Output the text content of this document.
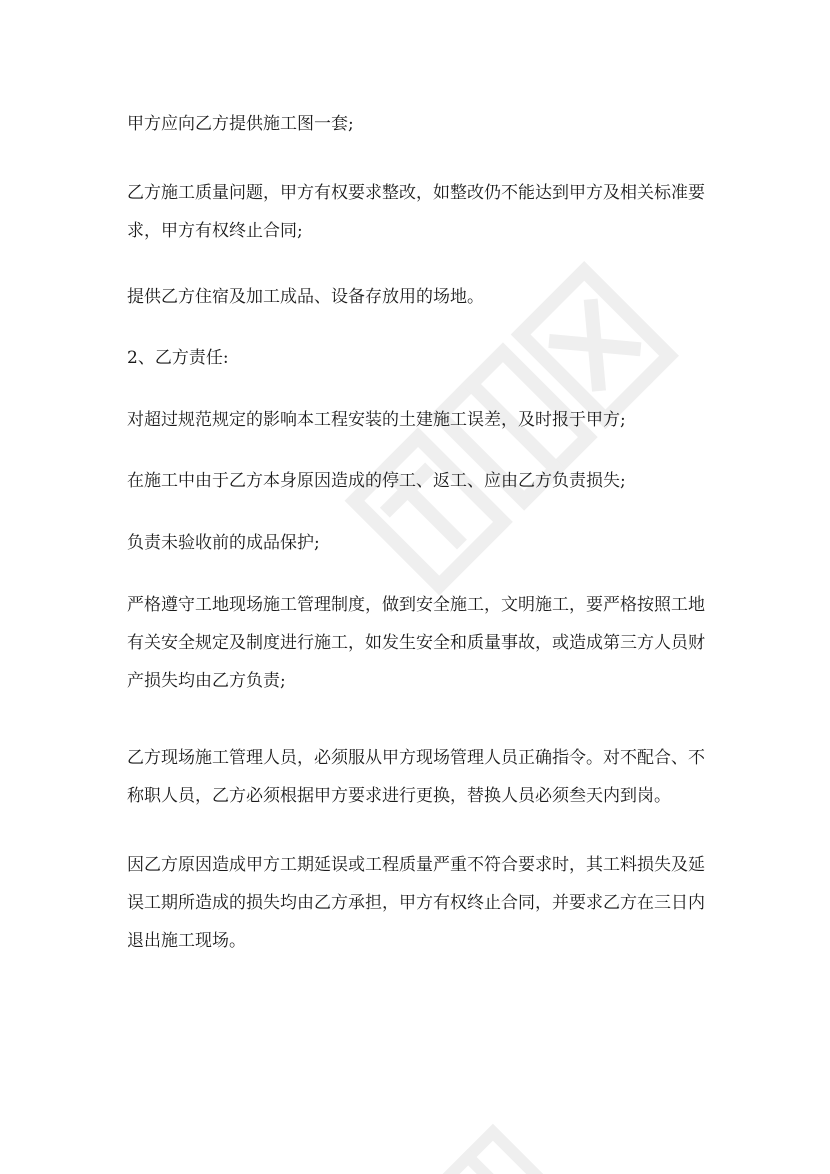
甲方应向乙方提供施工图一套;

乙方施工质量问题，甲方有权要求整改，如整改仍不能达到甲方及相关标准要
求，甲方有权终止合同;

提供乙方住宿及加工成品、设备存放用的场地。

2、乙方责任:

对超过规范规定的影响本工程安装的土建施工误差，及时报于甲方;

在施工中由于乙方本身原因造成的停工、返工、应由乙方负责损失;

负责未验收前的成品保护;

严格遵守工地现场施工管理制度，做到安全施工，文明施工，要严格按照工地
有关安全规定及制度进行施工，如发生安全和质量事故，或造成第三方人员财
产损失均由乙方负责;

乙方现场施工管理人员，必须服从甲方现场管理人员正确指令。对不配合、不
称职人员，乙方必须根据甲方要求进行更换，替换人员必须叁天内到岗。

因乙方原因造成甲方工期延误或工程质量严重不符合要求时，其工料损失及延
误工期所造成的损失均由乙方承担，甲方有权终止合同，并要求乙方在三日内
退出施工现场。
